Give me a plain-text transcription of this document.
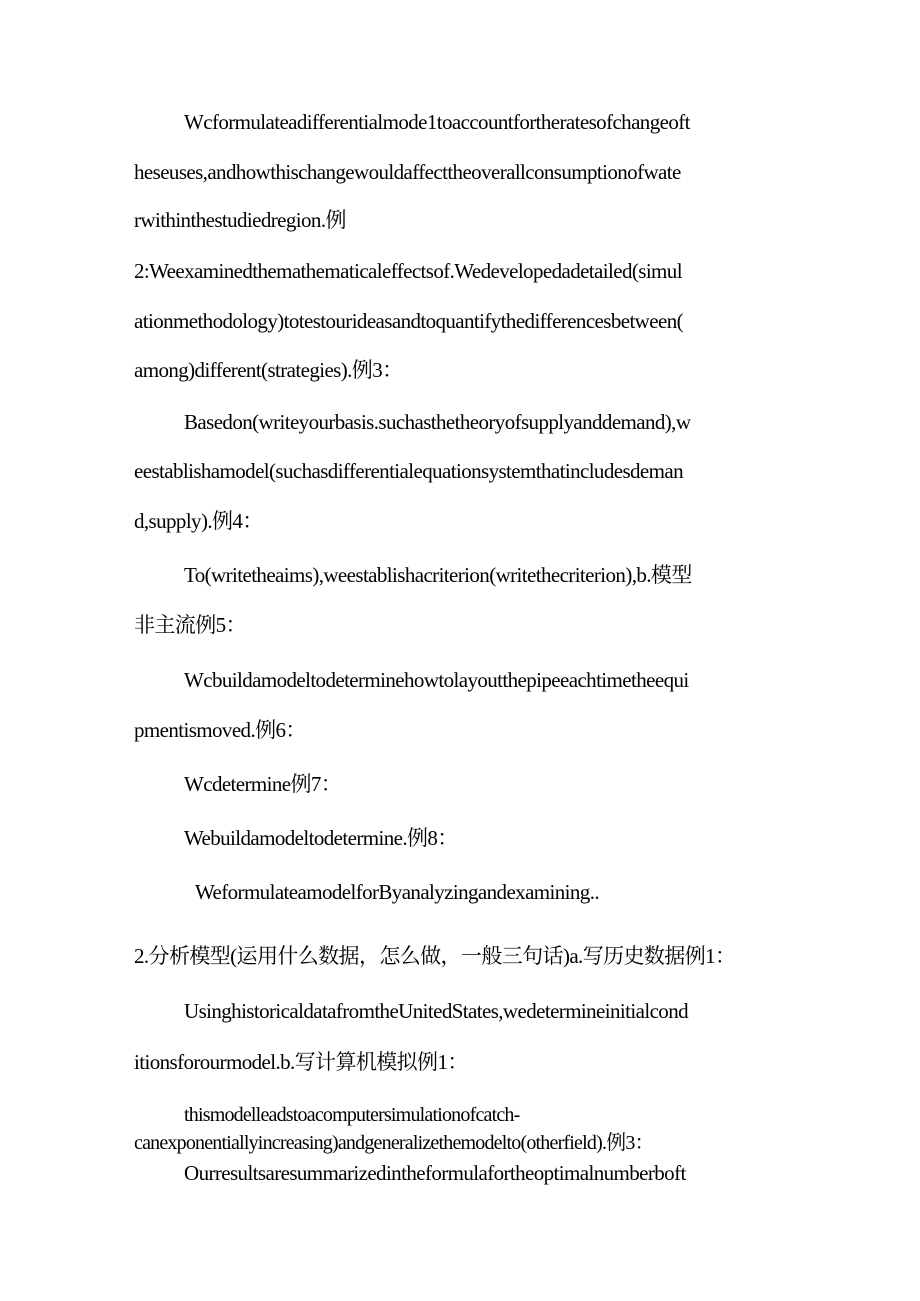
Wcformulateadifferentialmode1toaccountfortheratesofchangeoft
heseuses,andhowthischangewouldaffecttheoverallconsumptionofwate
rwithinthestudiedregion.例
2:Weexaminedthemathematicaleffectsof.Wedevelopedadetailed(simul
ationmethodology)totestourideasandtoquantifythedifferencesbetween(
among)different(strategies).例3：
Basedon(writeyourbasis.suchasthetheoryofsupplyanddemand),w
eestablishamodel(suchasdifferentialequationsystemthatincludesdeman
d,supply).例4：
To(writetheaims),weestablishacriterion(writethecriterion),b.模型
非主流例5：
Wcbuildamodeltodeterminehowtolayoutthepipeeachtimetheequi
pmentismoved.例6：
Wcdetermine例7：
Webuildamodeltodetermine.例8：
WeformulateamodelforByanalyzingandexamining..
2.分析模型(运用什么数据，怎么做，一般三句话)a.写历史数据例1：
UsinghistoricaldatafromtheUnitedStates,wedetermineinitialcond
itionsforourmodel.b.写计算机模拟例1：
thismodelleadstoacomputersimulationofcatch-
canexponentiallyincreasing)andgeneralizethemodelto(otherfield).例3：
Ourresultsaresummarizedintheformulafortheoptimalnumberboft
